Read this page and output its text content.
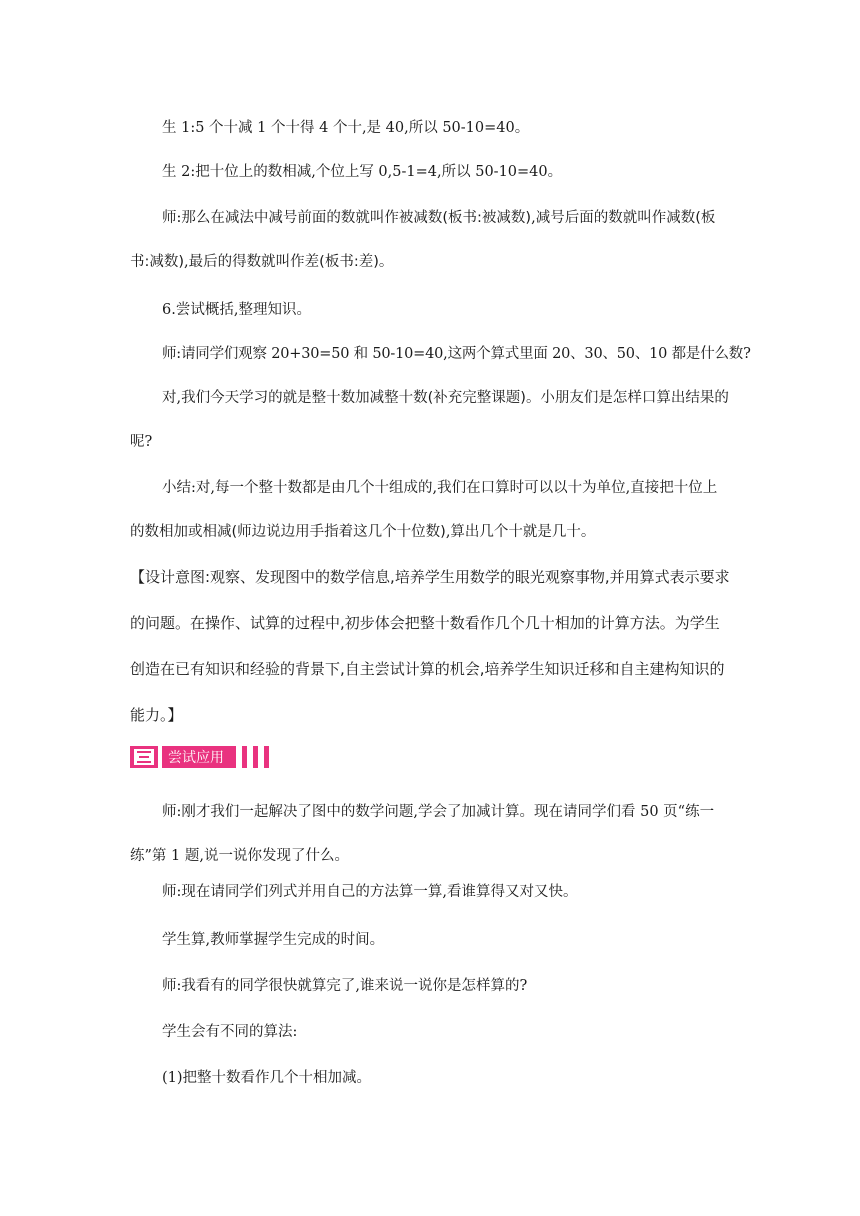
生 1:5 个十减 1 个十得 4 个十,是 40,所以 50-10=40。

生 2:把十位上的数相减,个位上写 0,5-1=4,所以 50-10=40。

师:那么在减法中减号前面的数就叫作被减数(板书:被减数),减号后面的数就叫作减数(板书:减数),最后的得数就叫作差(板书:差)。

6.尝试概括,整理知识。

师:请同学们观察 20+30=50 和 50-10=40,这两个算式里面 20、30、50、10 都是什么数?

对,我们今天学习的就是整十数加减整十数(补充完整课题)。小朋友们是怎样口算出结果的呢?

小结:对,每一个整十数都是由几个十组成的,我们在口算时可以以十为单位,直接把十位上的数相加或相减(师边说边用手指着这几个十位数),算出几个十就是几十。

【设计意图:观察、发现图中的数学信息,培养学生用数学的眼光观察事物,并用算式表示要求的问题。在操作、试算的过程中,初步体会把整十数看作几个几十相加的计算方法。为学生创造在已有知识和经验的背景下,自主尝试计算的机会,培养学生知识迁移和自主建构知识的能力。】

尝试应用

师:刚才我们一起解决了图中的数学问题,学会了加减计算。现在请同学们看 50 页“练一练”第 1 题,说一说你发现了什么。

师:现在请同学们列式并用自己的方法算一算,看谁算得又对又快。

学生算,教师掌握学生完成的时间。

师:我看有的同学很快就算完了,谁来说一说你是怎样算的?

学生会有不同的算法:

(1)把整十数看作几个十相加减。
